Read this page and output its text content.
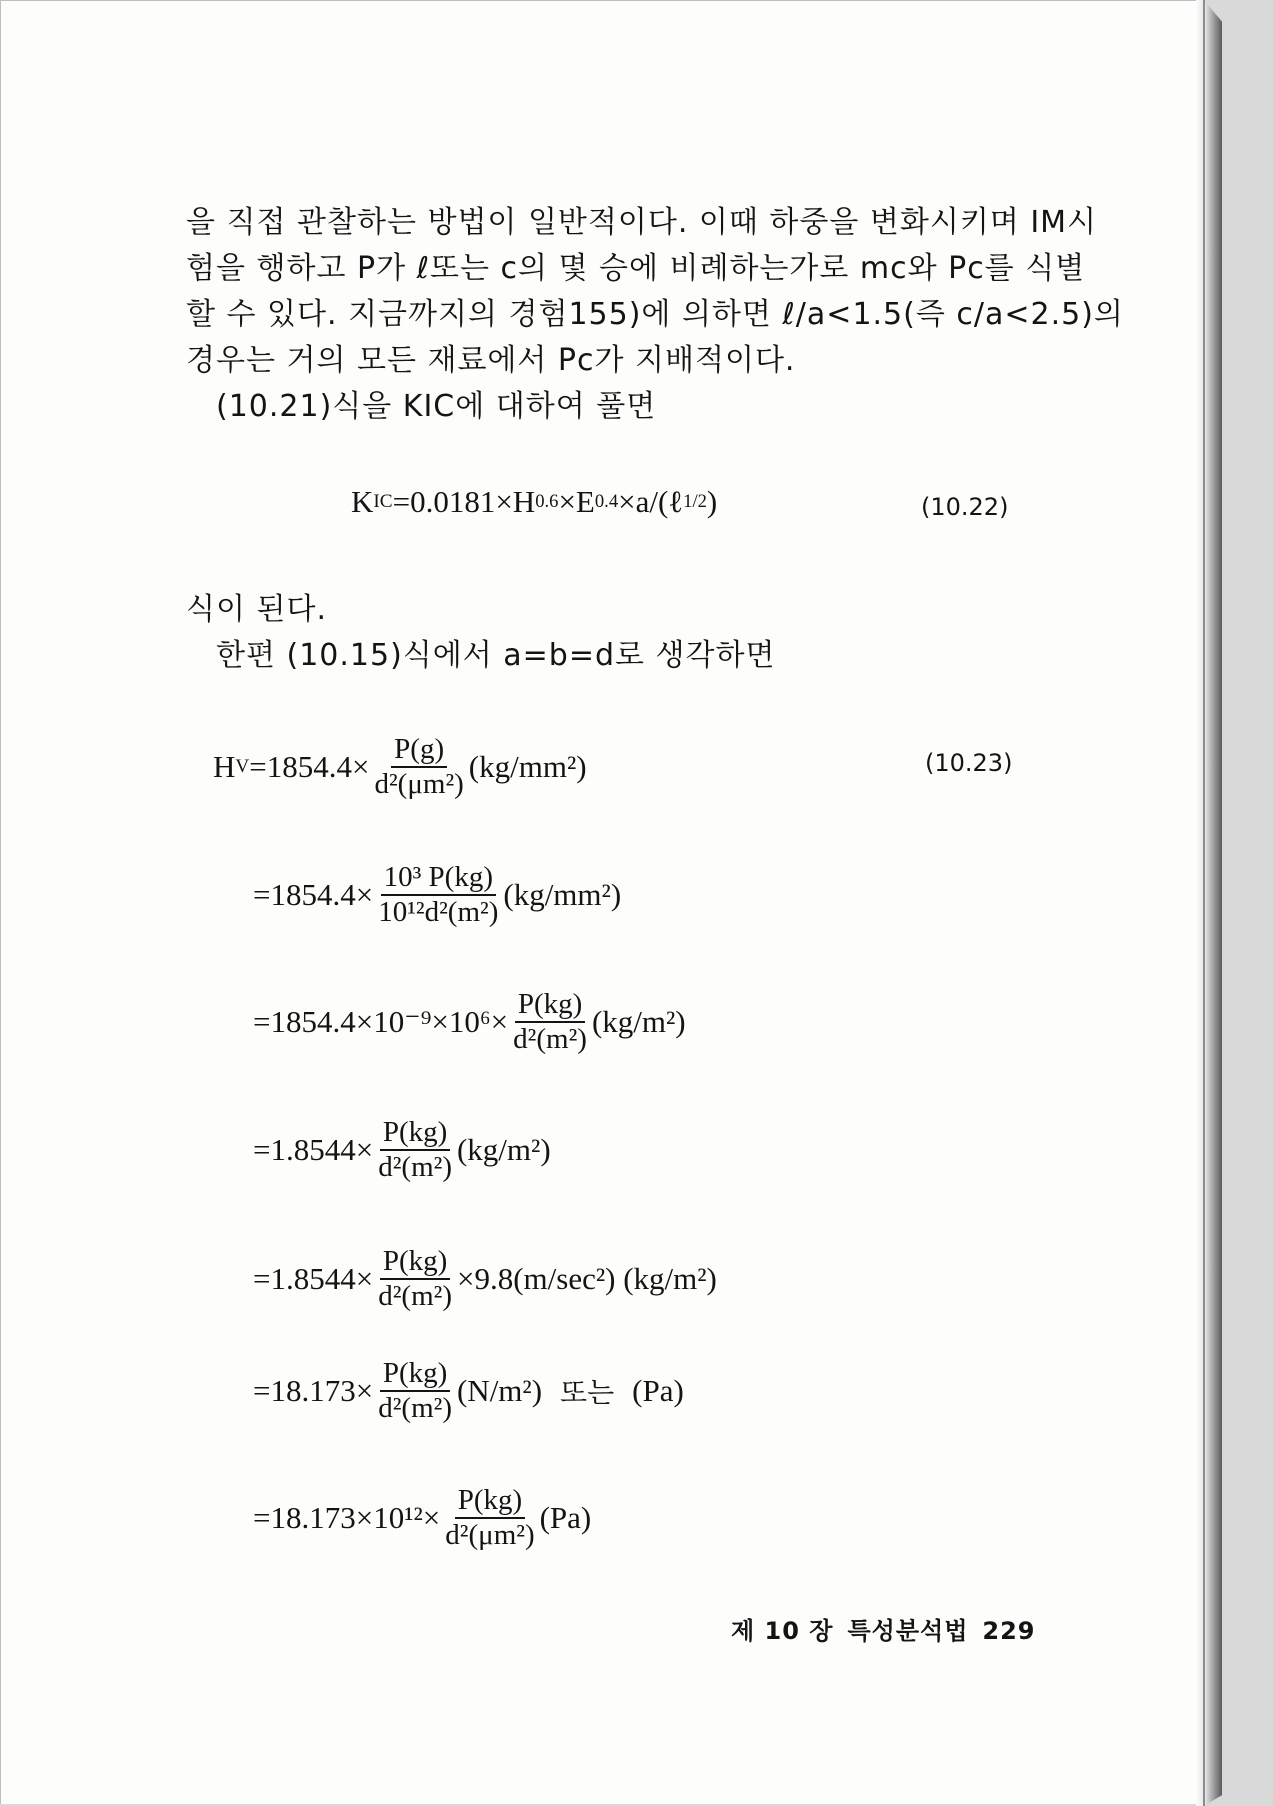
을 직접 관찰하는 방법이 일반적이다. 이때 하중을 변화시키며 IM시
험을 행하고 P가 ℓ또는 c의 몇 승에 비례하는가로 mc와 Pc를 식별
할 수 있다. 지금까지의 경험155)에 의하면 ℓ/a<1.5(즉 c/a<2.5)의
경우는 거의 모든 재료에서 Pc가 지배적이다.
(10.21)식을 KIC에 대하여 풀면
K IC =0.0181×H 0.6 ×E 0.4 ×a/(ℓ 1/2 )	(10.22)
식이 된다.
한편 (10.15)식에서 a=b=d로 생각하면
H $V =1854.4\times \frac{P(g)}{\text{d²(μm²)}} (kg/mm^2)$	(10.23)
$=1854.4\times \frac{\text{10³ P(kg)}}{\text{10¹²d²(m²)}} (kg/mm^2)$
$=1854.4\times 10^{-9}\times 10^6\times \frac{P(kg)}{\text{d²(m²)}} (kg/m^2)$
$=1.8544\times \frac{P(kg)}{\text{d²(m²)}} (kg/m^2)$
$=1.8544\times \frac{P(kg)}{\text{d²(m²)}} \times 9.8(m/\sec^2)$ (kg/m²)
$=18.173\times \frac{P(kg)}{\text{d²(m²)}} (N/m^2)$ 또는 (Pa)
$=18.173\times 10^{12}\times \frac{P(kg)}{\text{d²(μm²)}} (Pa)$
제 10 장 특성분석법 229
